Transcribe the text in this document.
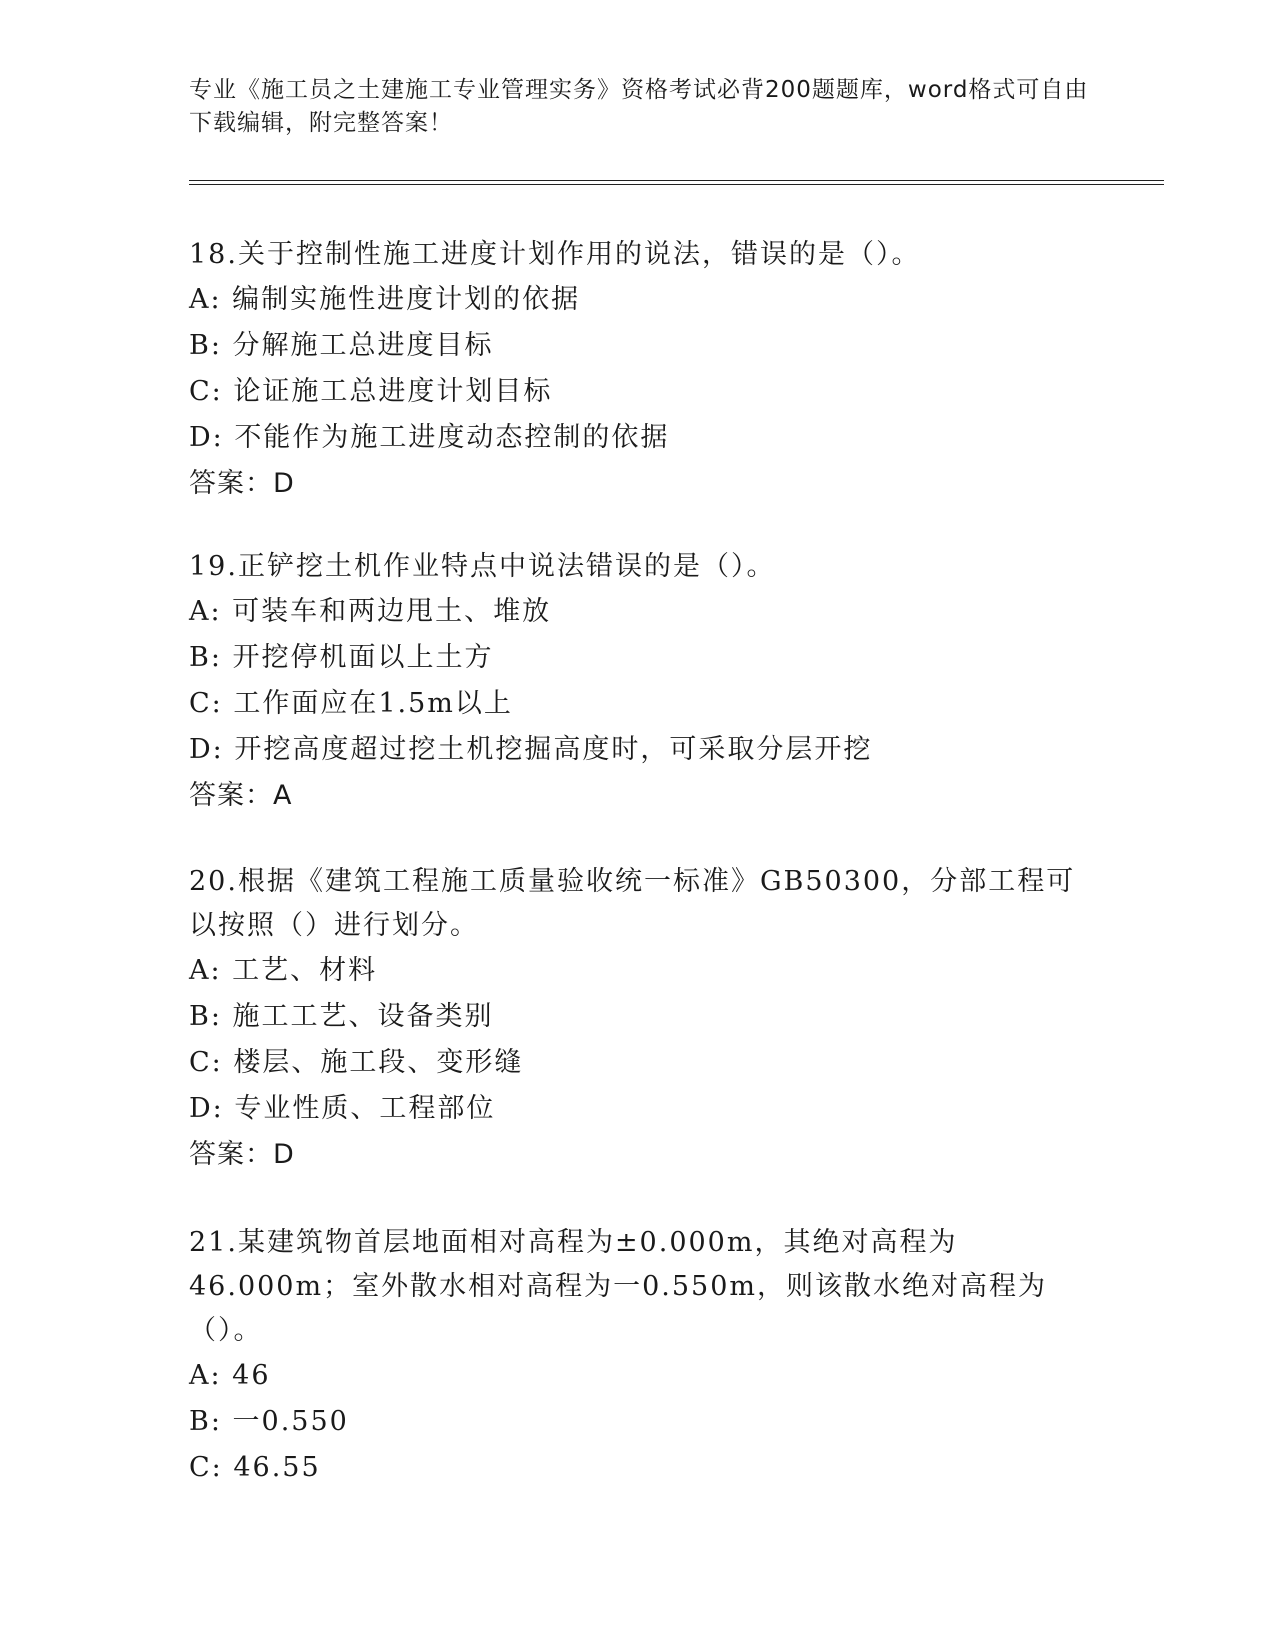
专业《施工员之土建施工专业管理实务》资格考试必背200题题库，word格式可自由下载编辑，附完整答案！

18.关于控制性施工进度计划作用的说法，错误的是（）。

A: 编制实施性进度计划的依据

B: 分解施工总进度目标

C: 论证施工总进度计划目标

D: 不能作为施工进度动态控制的依据

答案：D

19.正铲挖土机作业特点中说法错误的是（）。

A: 可装车和两边甩土、堆放

B: 开挖停机面以上土方

C: 工作面应在1.5m以上

D: 开挖高度超过挖土机挖掘高度时，可采取分层开挖

答案：A

20.根据《建筑工程施工质量验收统一标准》GB50300，分部工程可以按照（）进行划分。

A: 工艺、材料

B: 施工工艺、设备类别

C: 楼层、施工段、变形缝

D: 专业性质、工程部位

答案：D

21.某建筑物首层地面相对高程为±0.000m，其绝对高程为46.000m；室外散水相对高程为一0.550m，则该散水绝对高程为（）。

A: 46

B: 一0.550

C: 46.55
